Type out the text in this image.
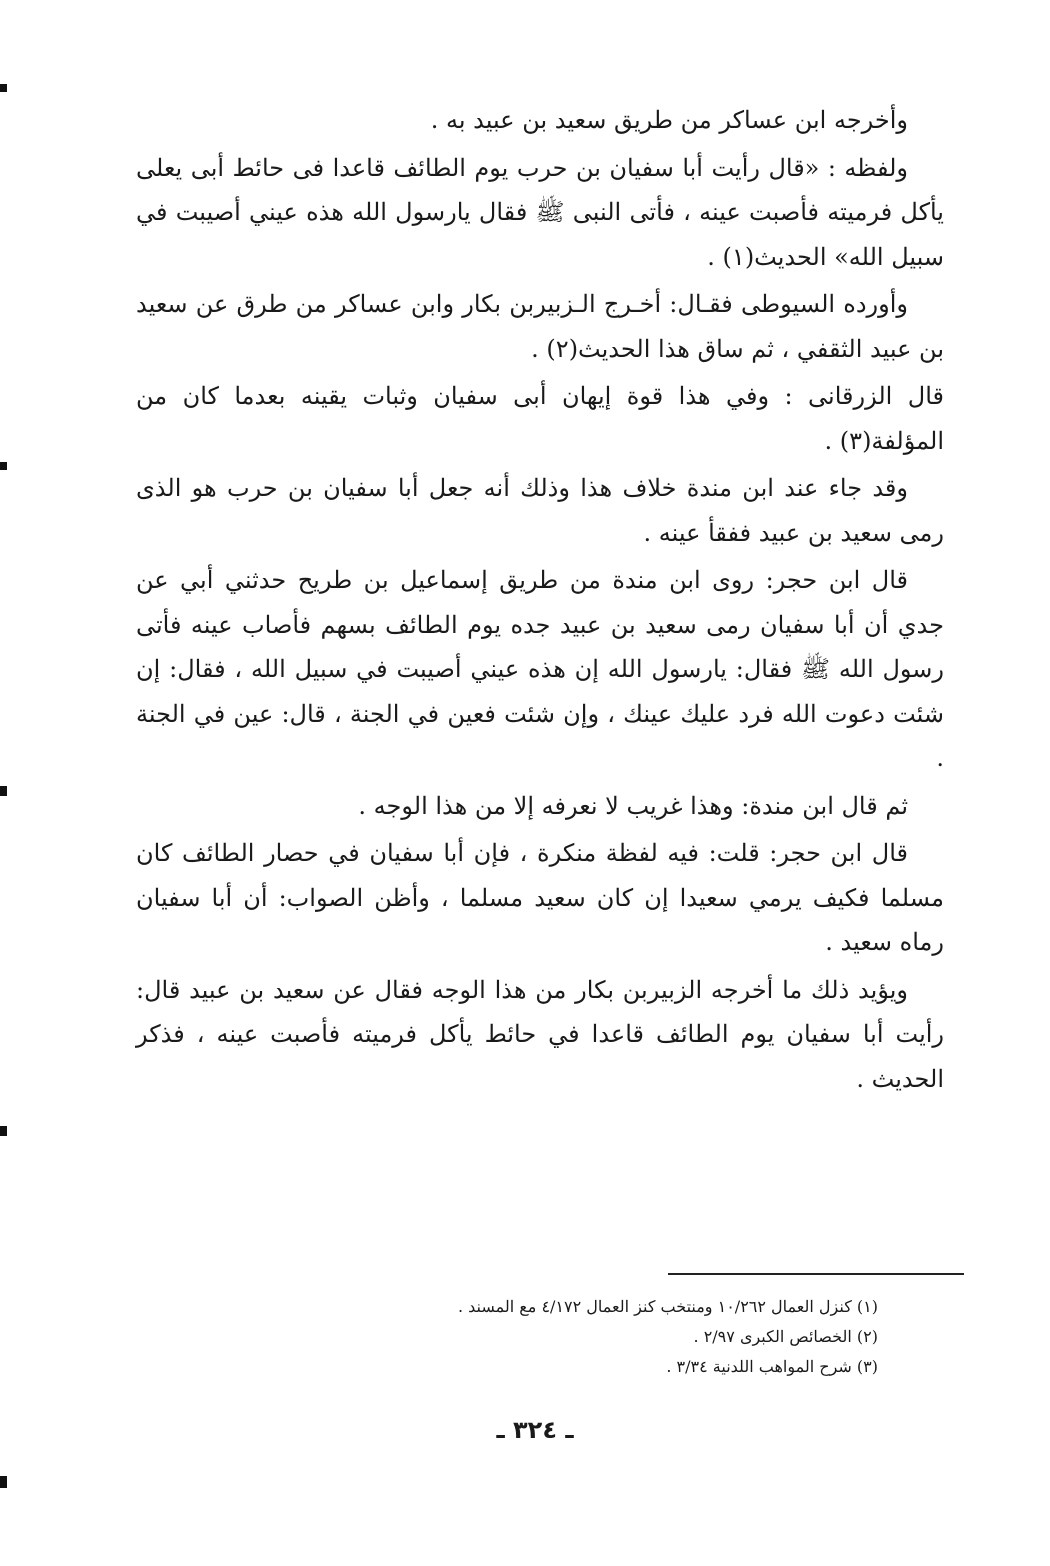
وأخرجه ابن عساكر من طريق سعيد بن عبيد به .

ولفظه : «قال رأيت أبا سفيان بن حرب يوم الطائف قاعدا فى حائط أبى يعلى يأكل فرميته فأصبت عينه ، فأتى النبى ﷺ فقال يارسول الله هذه عيني أصيبت في سبيل الله» الحديث(١) .

وأورده السيوطى فقـال: أخـرج الـزبيربن بكار وابن عساكر من طرق عن سعيد بن عبيد الثقفي ، ثم ساق هذا الحديث(٢) .

قال الزرقانى : وفي هذا قوة إيهان أبى سفيان وثبات يقينه بعدما كان من المؤلفة(٣) .

وقد جاء عند ابن مندة خلاف هذا وذلك أنه جعل أبا سفيان بن حرب هو الذى رمى سعيد بن عبيد ففقأ عينه .

قال ابن حجر: روى ابن مندة من طريق إسماعيل بن طريح حدثني أبي عن جدي أن أبا سفيان رمى سعيد بن عبيد جده يوم الطائف بسهم فأصاب عينه فأتى رسول الله ﷺ فقال: يارسول الله إن هذه عيني أصيبت في سبيل الله ، فقال: إن شئت دعوت الله فرد عليك عينك ، وإن شئت فعين في الجنة ، قال: عين في الجنة .

ثم قال ابن مندة: وهذا غريب لا نعرفه إلا من هذا الوجه .

قال ابن حجر: قلت: فيه لفظة منكرة ، فإن أبا سفيان في حصار الطائف كان مسلما فكيف يرمي سعيدا إن كان سعيد مسلما ، وأظن الصواب: أن أبا سفيان رماه سعيد .

ويؤيد ذلك ما أخرجه الزبيربن بكار من هذا الوجه فقال عن سعيد بن عبيد قال: رأيت أبا سفيان يوم الطائف قاعدا في حائط يأكل فرميته فأصبت عينه ، فذكر الحديث .

(١) كنزل العمال ١٠/٢٦٢ ومنتخب كنز العمال ٤/١٧٢ مع المسند .

(٢) الخصائص الكبرى ٢/٩٧ .

(٣) شرح المواهب اللدنية ٣/٣٤ .

ـ ٣٢٤ ـ
